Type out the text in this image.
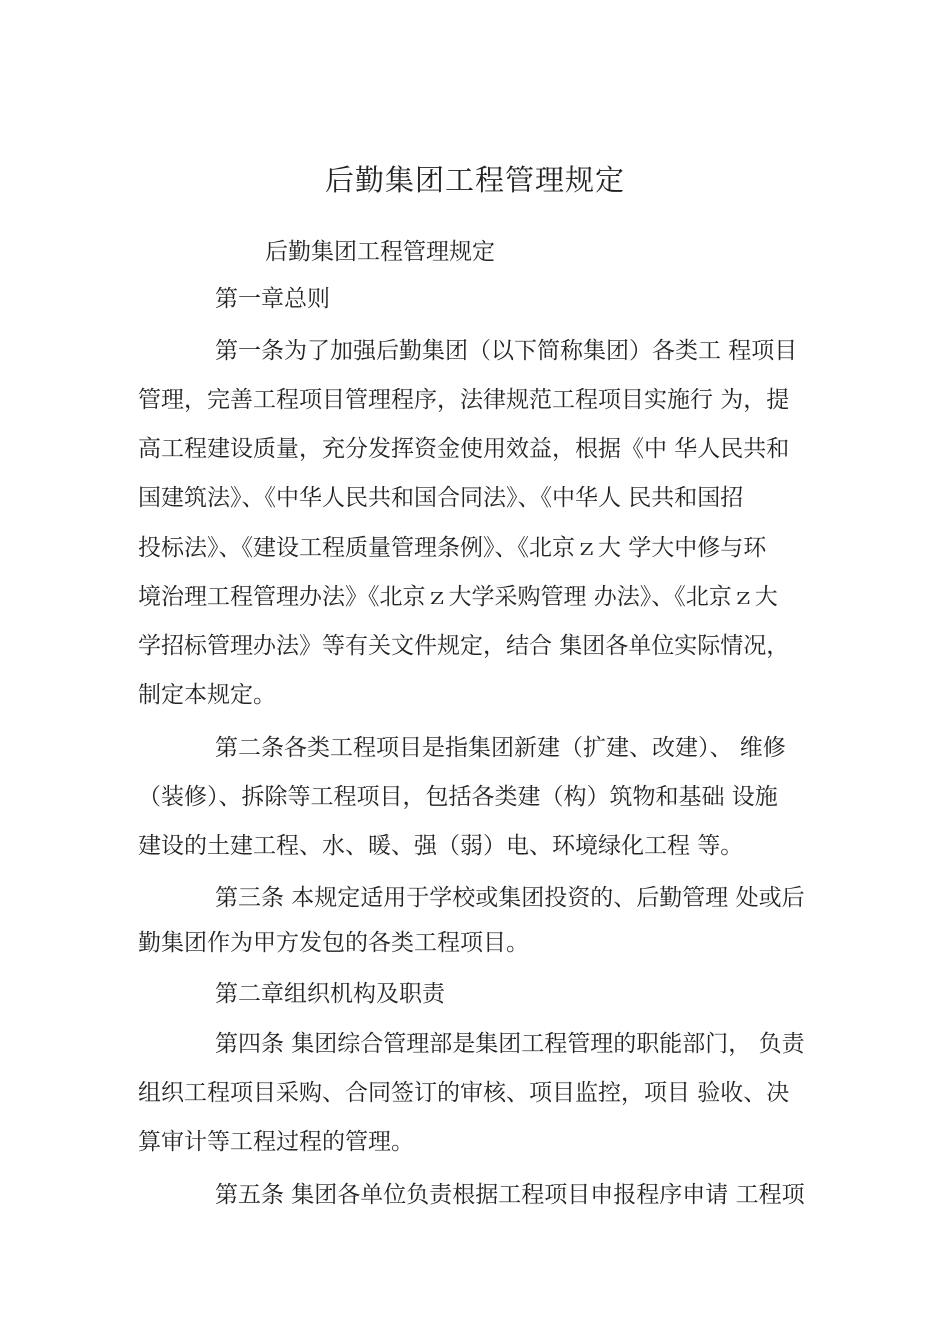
后勤集团工程管理规定

后勤集团工程管理规定

第一章总则

第一条为了加强后勤集团（以下简称集团）各类工 程项目

管理，完善工程项目管理程序，法律规范工程项目实施行 为，提

高工程建设质量，充分发挥资金使用效益，根据《中 华人民共和

国建筑法》、《中华人民共和国合同法》、《中华人 民共和国招

投标法》、《建设工程质量管理条例》、《北京ｚ大 学大中修与环

境治理工程管理办法》《北京ｚ大学采购管理 办法》、《北京ｚ大

学招标管理办法》等有关文件规定，结合 集团各单位实际情况，

制定本规定。

第二条各类工程项目是指集团新建（扩建、改建）、 维修

（装修）、拆除等工程项目，包括各类建（构）筑物和基础 设施

建设的土建工程、水、暖、强（弱）电、环境绿化工程 等。

第三条 本规定适用于学校或集团投资的、后勤管理 处或后

勤集团作为甲方发包的各类工程项目。

第二章组织机构及职责

第四条 集团综合管理部是集团工程管理的职能部门， 负责

组织工程项目采购、合同签订的审核、项目监控，项目 验收、决

算审计等工程过程的管理。

第五条 集团各单位负责根据工程项目申报程序申请 工程项
